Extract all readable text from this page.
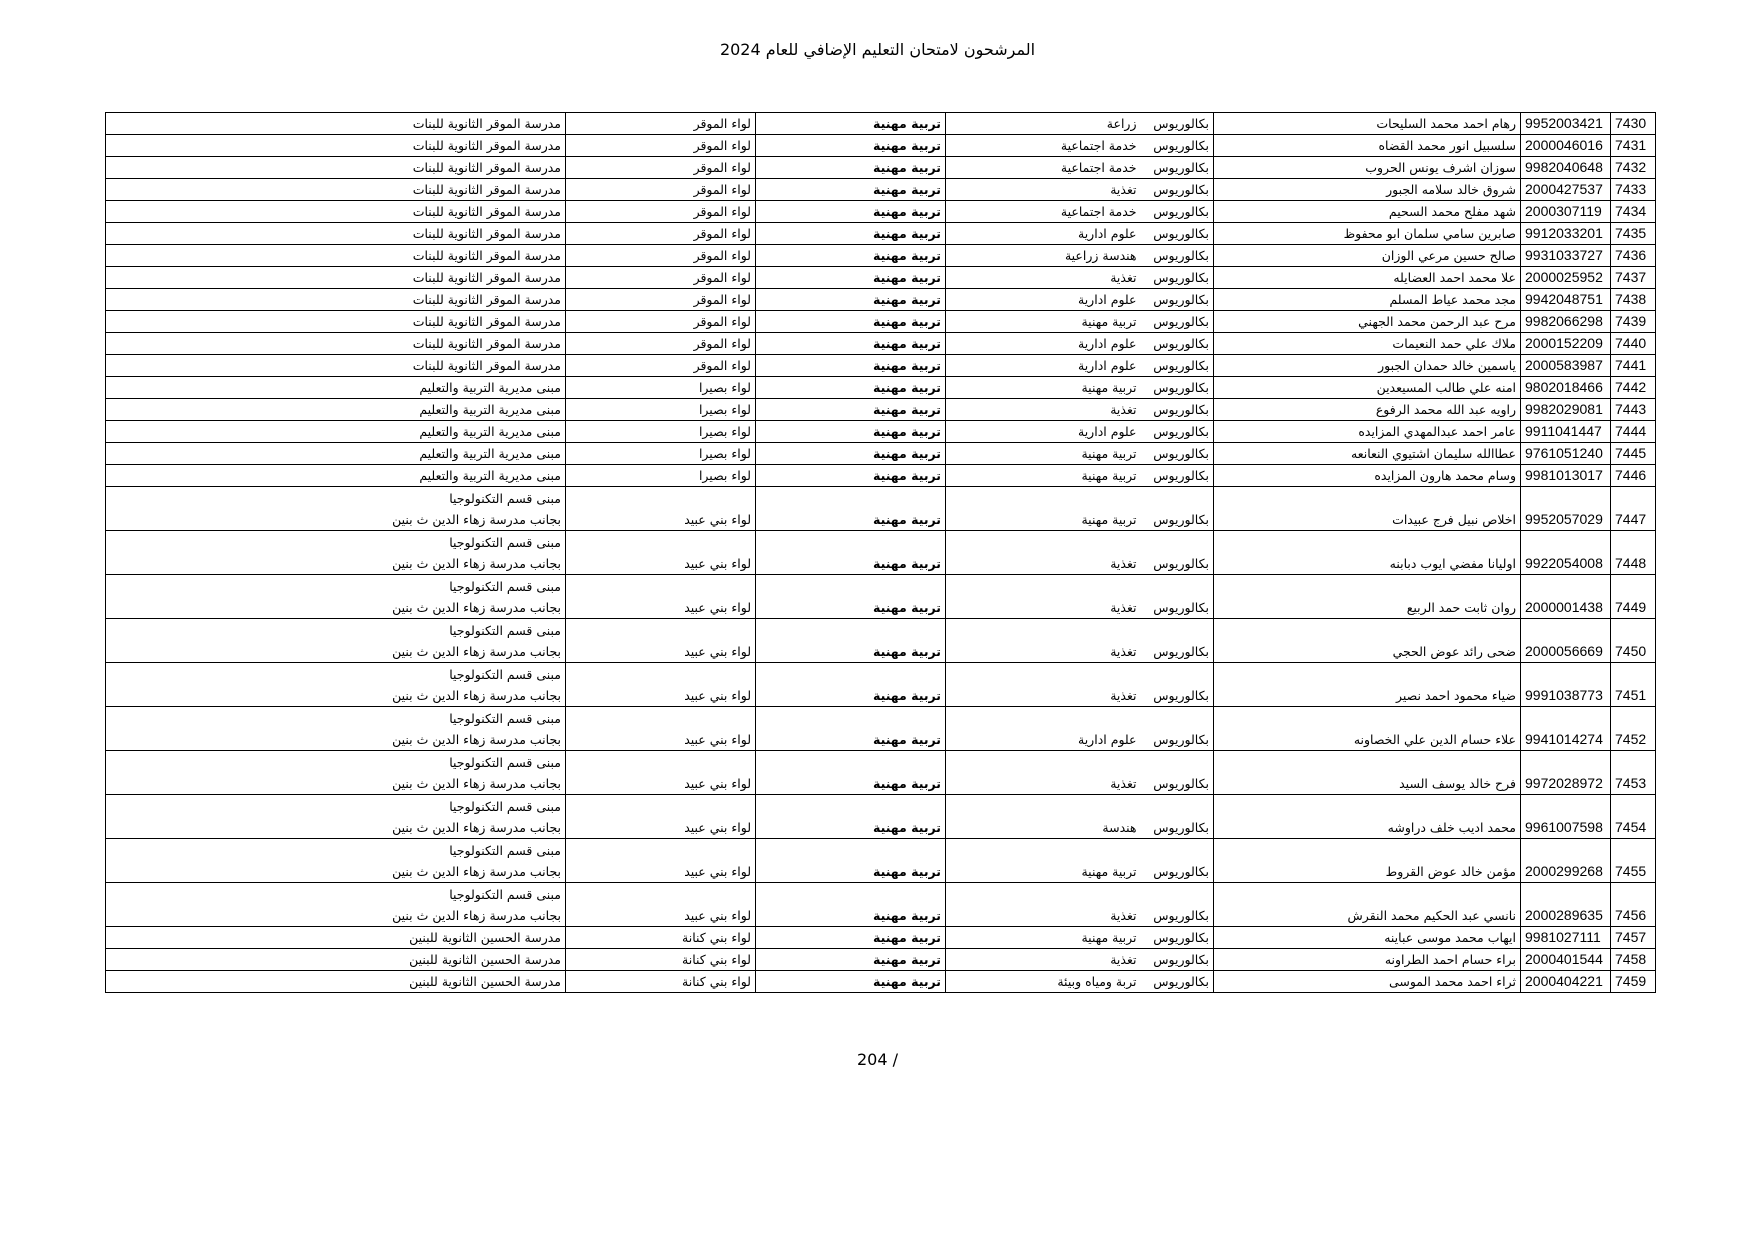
المرشحون لامتحان التعليم الإضافي للعام 2024
7430	9952003421	رهام احمد محمد السليحات	بكالوريوس	زراعة	تربية مهنية	لواء الموقر	مدرسة الموقر الثانوية للبنات

7431	2000046016	سلسبيل انور محمد القضاه	بكالوريوس	خدمة اجتماعية	تربية مهنية	لواء الموقر	مدرسة الموقر الثانوية للبنات

7432	9982040648	سوزان اشرف يونس الحروب	بكالوريوس	خدمة اجتماعية	تربية مهنية	لواء الموقر	مدرسة الموقر الثانوية للبنات

7433	2000427537	شروق خالد سلامه الجبور	بكالوريوس	تغذية	تربية مهنية	لواء الموقر	مدرسة الموقر الثانوية للبنات

7434	2000307119	شهد مفلح محمد السحيم	بكالوريوس	خدمة اجتماعية	تربية مهنية	لواء الموقر	مدرسة الموقر الثانوية للبنات

7435	9912033201	صابرين سامي سلمان ابو محفوظ	بكالوريوس	علوم ادارية	تربية مهنية	لواء الموقر	مدرسة الموقر الثانوية للبنات

7436	9931033727	صالح حسين مرعي الوزان	بكالوريوس	هندسة زراعية	تربية مهنية	لواء الموقر	مدرسة الموقر الثانوية للبنات

7437	2000025952	علا محمد احمد العضايله	بكالوريوس	تغذية	تربية مهنية	لواء الموقر	مدرسة الموقر الثانوية للبنات

7438	9942048751	مجد محمد عياط المسلم	بكالوريوس	علوم ادارية	تربية مهنية	لواء الموقر	مدرسة الموقر الثانوية للبنات

7439	9982066298	مرح عبد الرحمن محمد الجهني	بكالوريوس	تربية مهنية	تربية مهنية	لواء الموقر	مدرسة الموقر الثانوية للبنات

7440	2000152209	ملاك علي حمد النعيمات	بكالوريوس	علوم ادارية	تربية مهنية	لواء الموقر	مدرسة الموقر الثانوية للبنات

7441	2000583987	ياسمين خالد حمدان الجبور	بكالوريوس	علوم ادارية	تربية مهنية	لواء الموقر	مدرسة الموقر الثانوية للبنات

7442	9802018466	امنه علي طالب المسيعدين	بكالوريوس	تربية مهنية	تربية مهنية	لواء بصيرا	مبنى مديرية التربية والتعليم

7443	9982029081	راويه عبد الله محمد الرفوع	بكالوريوس	تغذية	تربية مهنية	لواء بصيرا	مبنى مديرية التربية والتعليم

7444	9911041447	عامر احمد عبدالمهدي المزايده	بكالوريوس	علوم ادارية	تربية مهنية	لواء بصيرا	مبنى مديرية التربية والتعليم

7445	9761051240	عطاالله سليمان اشتيوي النعانعه	بكالوريوس	تربية مهنية	تربية مهنية	لواء بصيرا	مبنى مديرية التربية والتعليم

7446	9981013017	وسام محمد هارون المزايده	بكالوريوس	تربية مهنية	تربية مهنية	لواء بصيرا	مبنى مديرية التربية والتعليم

7447	9952057029	اخلاص نبيل فرج عبيدات	بكالوريوس	تربية مهنية	تربية مهنية	لواء بني عبيد	مبنى قسم التكنولوجيا
بجانب مدرسة زهاء الدين ث بنين

7448	9922054008	اوليانا مفضي ايوب دبابنه	بكالوريوس	تغذية	تربية مهنية	لواء بني عبيد	مبنى قسم التكنولوجيا
بجانب مدرسة زهاء الدين ث بنين

7449	2000001438	روان ثابت حمد الربيع	بكالوريوس	تغذية	تربية مهنية	لواء بني عبيد	مبنى قسم التكنولوجيا
بجانب مدرسة زهاء الدين ث بنين

7450	2000056669	ضحى رائد عوض الحجي	بكالوريوس	تغذية	تربية مهنية	لواء بني عبيد	مبنى قسم التكنولوجيا
بجانب مدرسة زهاء الدين ث بنين

7451	9991038773	ضياء محمود احمد نصير	بكالوريوس	تغذية	تربية مهنية	لواء بني عبيد	مبنى قسم التكنولوجيا
بجانب مدرسة زهاء الدين ث بنين

7452	9941014274	علاء حسام الدين علي الخصاونه	بكالوريوس	علوم ادارية	تربية مهنية	لواء بني عبيد	مبنى قسم التكنولوجيا
بجانب مدرسة زهاء الدين ث بنين

7453	9972028972	فرح خالد يوسف السيد	بكالوريوس	تغذية	تربية مهنية	لواء بني عبيد	مبنى قسم التكنولوجيا
بجانب مدرسة زهاء الدين ث بنين

7454	9961007598	محمد اديب خلف دراوشه	بكالوريوس	هندسة	تربية مهنية	لواء بني عبيد	مبنى قسم التكنولوجيا
بجانب مدرسة زهاء الدين ث بنين

7455	2000299268	مؤمن خالد عوض القروط	بكالوريوس	تربية مهنية	تربية مهنية	لواء بني عبيد	مبنى قسم التكنولوجيا
بجانب مدرسة زهاء الدين ث بنين

7456	2000289635	نانسي عبد الحكيم محمد النقرش	بكالوريوس	تغذية	تربية مهنية	لواء بني عبيد	مبنى قسم التكنولوجيا
بجانب مدرسة زهاء الدين ث بنين

7457	9981027111	ايهاب محمد موسى عباينه	بكالوريوس	تربية مهنية	تربية مهنية	لواء بني كنانة	مدرسة الحسين الثانوية للبنين

7458	2000401544	براء حسام احمد الطراونه	بكالوريوس	تغذية	تربية مهنية	لواء بني كنانة	مدرسة الحسين الثانوية للبنين

7459	2000404221	ثراء احمد محمد الموسى	بكالوريوس	تربة ومياه وبيئة	تربية مهنية	لواء بني كنانة	مدرسة الحسين الثانوية للبنين
204 /
